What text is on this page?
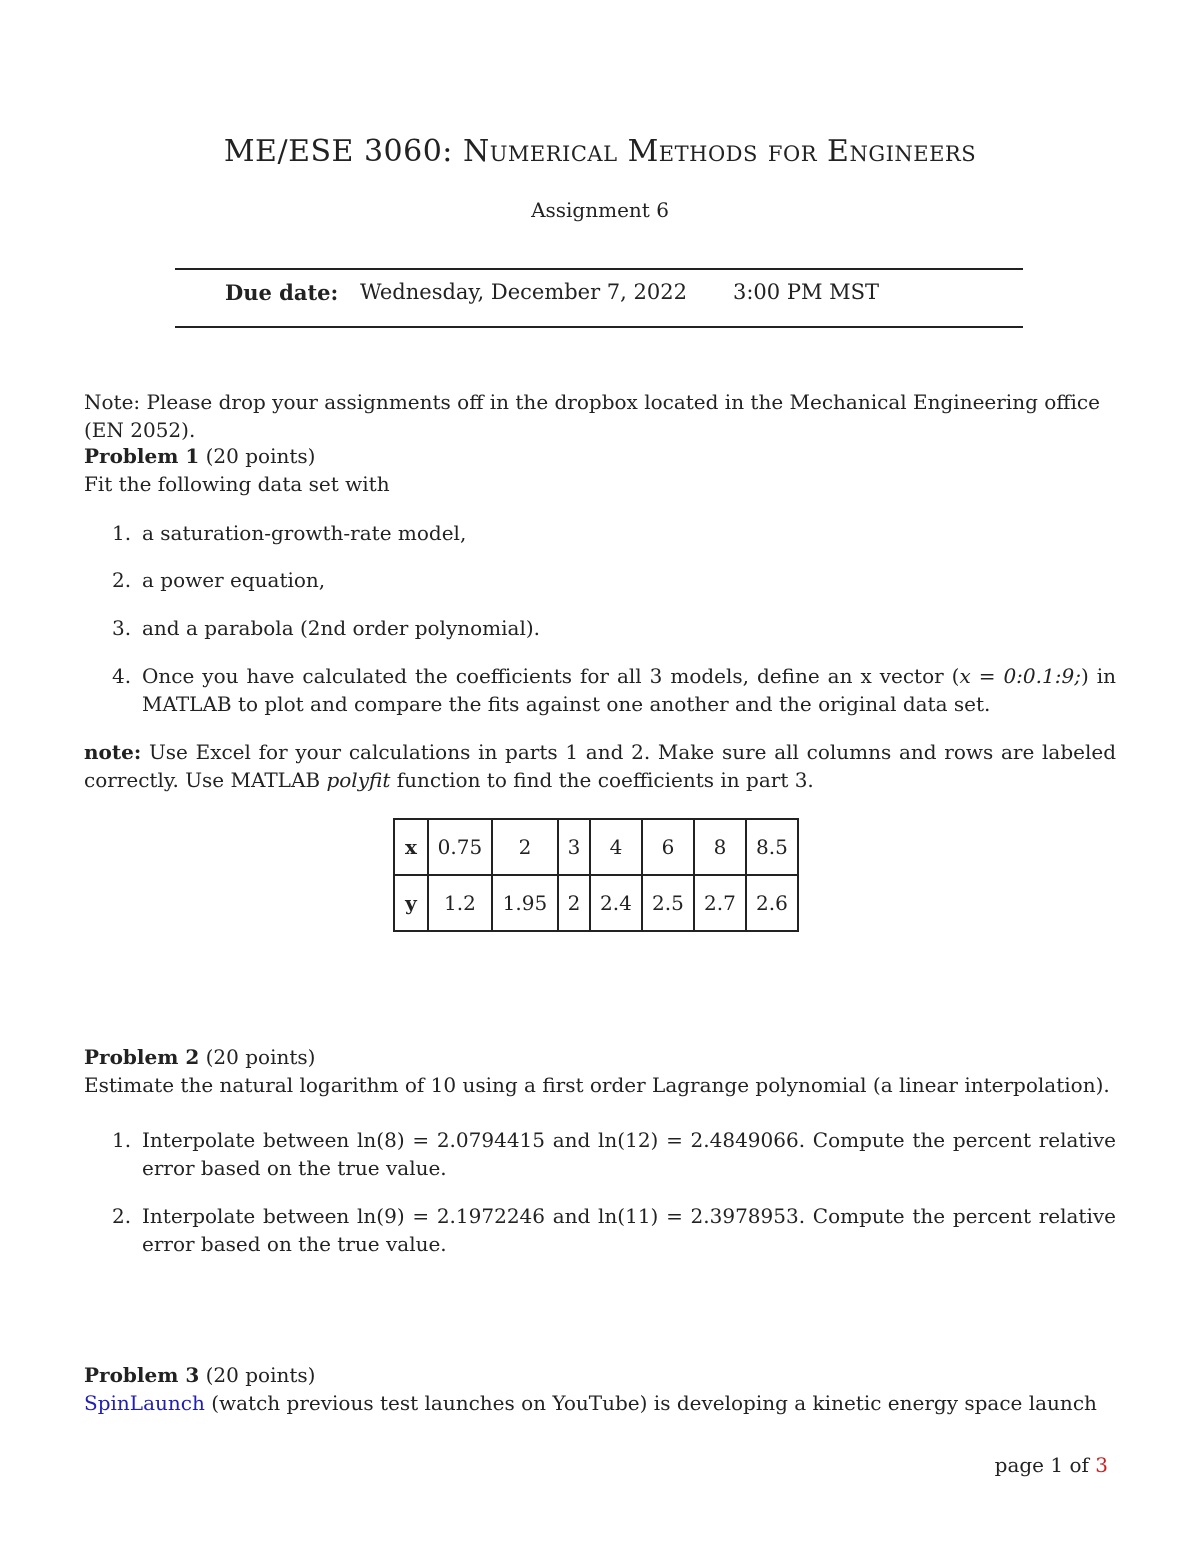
ME/ESE 3060: Numerical Methods for Engineers
Assignment 6
Due date: Wednesday, December 7, 2022 3:00 PM MST
Note: Please drop your assignments off in the dropbox located in the Mechanical Engineering office (EN 2052).
Problem 1 (20 points)
Fit the following data set with
1. a saturation-growth-rate model,
2. a power equation,
3. and a parabola (2nd order polynomial).
4. Once you have calculated the coefficients for all 3 models, define an x vector (x = 0:0.1:9;) in MATLAB to plot and compare the fits against one another and the original data set.
note: Use Excel for your calculations in parts 1 and 2. Make sure all columns and rows are labeled correctly. Use MATLAB polyfit function to find the coefficients in part 3.
x	0.75	2	3	4	6	8	8.5
y	1.2	1.95	2	2.4	2.5	2.7	2.6
Problem 2 (20 points)
Estimate the natural logarithm of 10 using a first order Lagrange polynomial (a linear interpolation).
1. Interpolate between ln(8) = 2.0794415 and ln(12) = 2.4849066. Compute the percent relative error based on the true value.
2. Interpolate between ln(9) = 2.1972246 and ln(11) = 2.3978953. Compute the percent relative error based on the true value.
Problem 3 (20 points)
SpinLaunch (watch previous test launches on YouTube) is developing a kinetic energy space launch
page 1 of 3
